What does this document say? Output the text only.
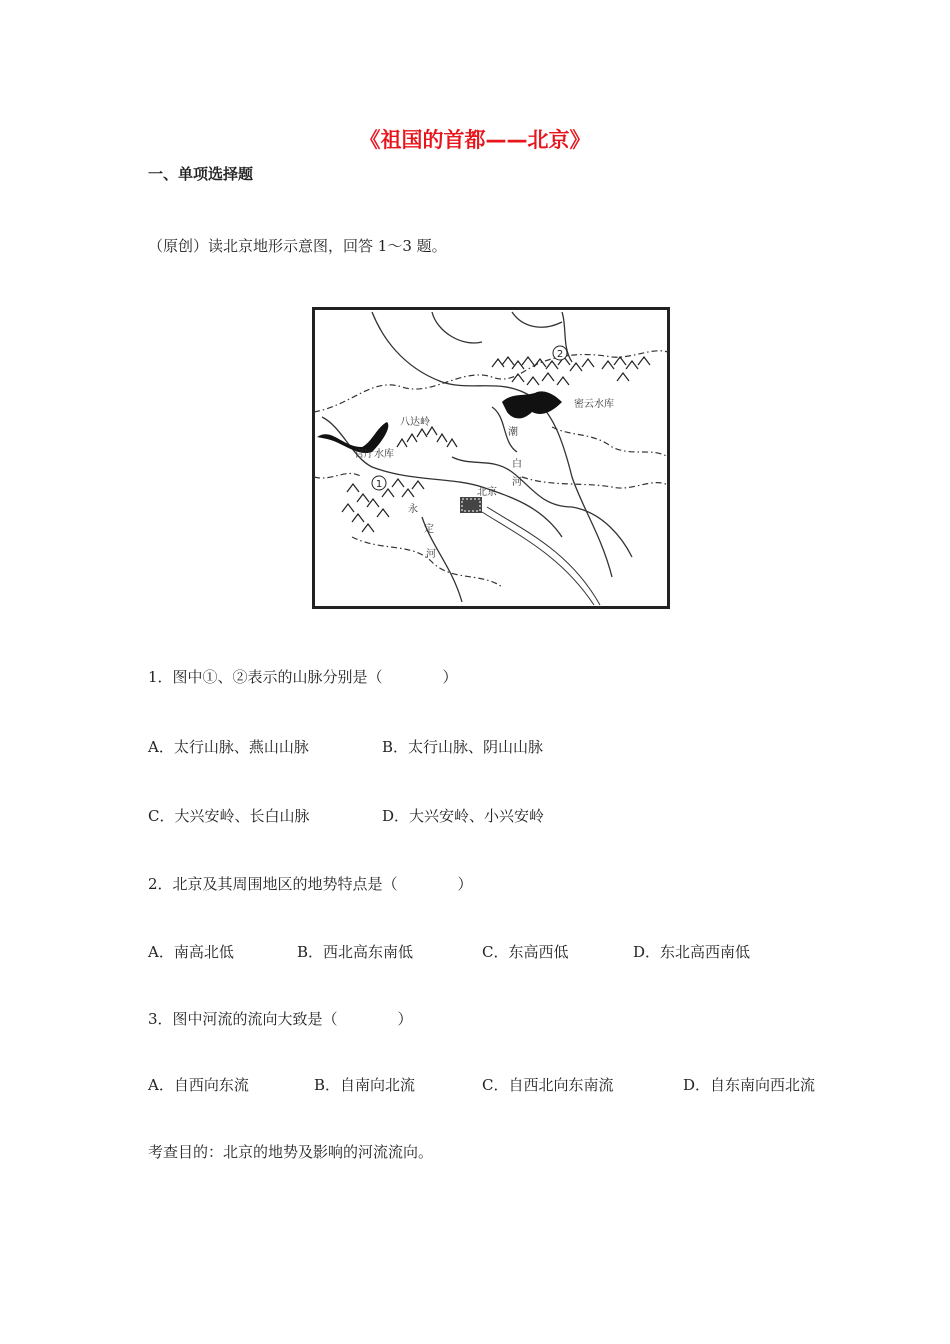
《祖国的首都——北京》
一、单项选择题
（原创）读北京地形示意图，回答 1～3 题。
1
2
八达岭
官厅水库
密云水库
北京
潮
白
河
永
定
河
1．图中①、②表示的山脉分别是（　　　　）
A．太行山脉、燕山山脉	B．太行山脉、阴山山脉
C．大兴安岭、长白山脉	D．大兴安岭、小兴安岭
2．北京及其周围地区的地势特点是（　　　　）
A．南高北低	B．西北高东南低	C．东高西低	D．东北高西南低
3．图中河流的流向大致是（　　　　）
A．自西向东流	B．自南向北流	C．自西北向东南流	D．自东南向西北流
考查目的：北京的地势及影响的河流流向。
